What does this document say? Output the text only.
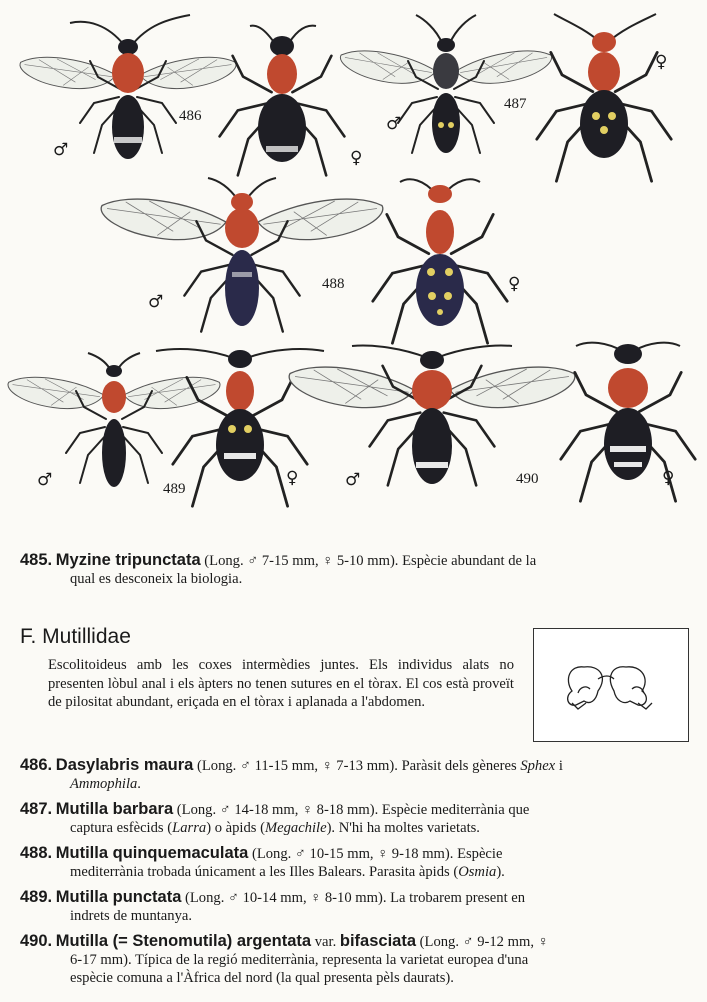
486
487
488
489
490
♂	♀
♂
♀
♂
♀
♂	♀	♂	♀
485. Myzine tripunctata (Long. ♂ 7-15 mm, ♀ 5-10 mm). Espècie abundant de la
qual es desconeix la biologia.
F. Mutillidae
Escolitoideus amb les coxes intermèdies juntes. Els individus alats no presenten lòbul anal i els àpters no tenen sutures en el tòrax. El cos està proveït de pilositat abundant, eriçada en el tòrax i aplanada a l'abdomen.
486. Dasylabris maura (Long. ♂ 11-15 mm, ♀ 7-13 mm). Paràsit dels gèneres Sphex i
Ammophila.
487. Mutilla barbara (Long. ♂ 14-18 mm, ♀ 8-18 mm). Espècie mediterrània que
captura esfècids (Larra) o àpids (Megachile). N'hi ha moltes varietats.
488. Mutilla quinquemaculata (Long. ♂ 10-15 mm, ♀ 9-18 mm). Espècie
mediterrània trobada únicament a les Illes Balears. Parasita àpids (Osmia).
489. Mutilla punctata (Long. ♂ 10-14 mm, ♀ 8-10 mm). La trobarem present en
indrets de muntanya.
490. Mutilla (= Stenomutila) argentata var. bifasciata (Long. ♂ 9-12 mm, ♀
6-17 mm). Típica de la regió mediterrània, representa la varietat europea d'una
espècie comuna a l'Àfrica del nord (la qual presenta pèls daurats).
